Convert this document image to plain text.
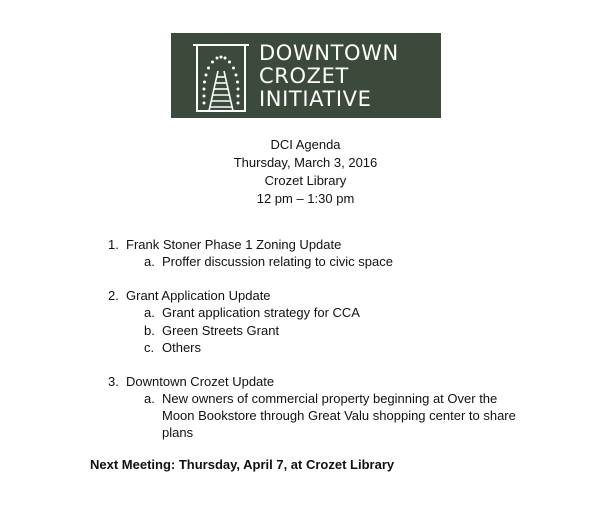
DOWNTOWN
CROZET
INITIATIVE
DCI Agenda
Thursday, March 3, 2016
Crozet Library
12 pm – 1:30 pm
1. Frank Stoner Phase 1 Zoning Update
a. Proffer discussion relating to civic space
2. Grant Application Update
a. Grant application strategy for CCA
b. Green Streets Grant
c. Others
3. Downtown Crozet Update
a. New owners of commercial property beginning at Over the
Moon Bookstore through Great Valu shopping center to share
plans
Next Meeting: Thursday, April 7, at Crozet Library
